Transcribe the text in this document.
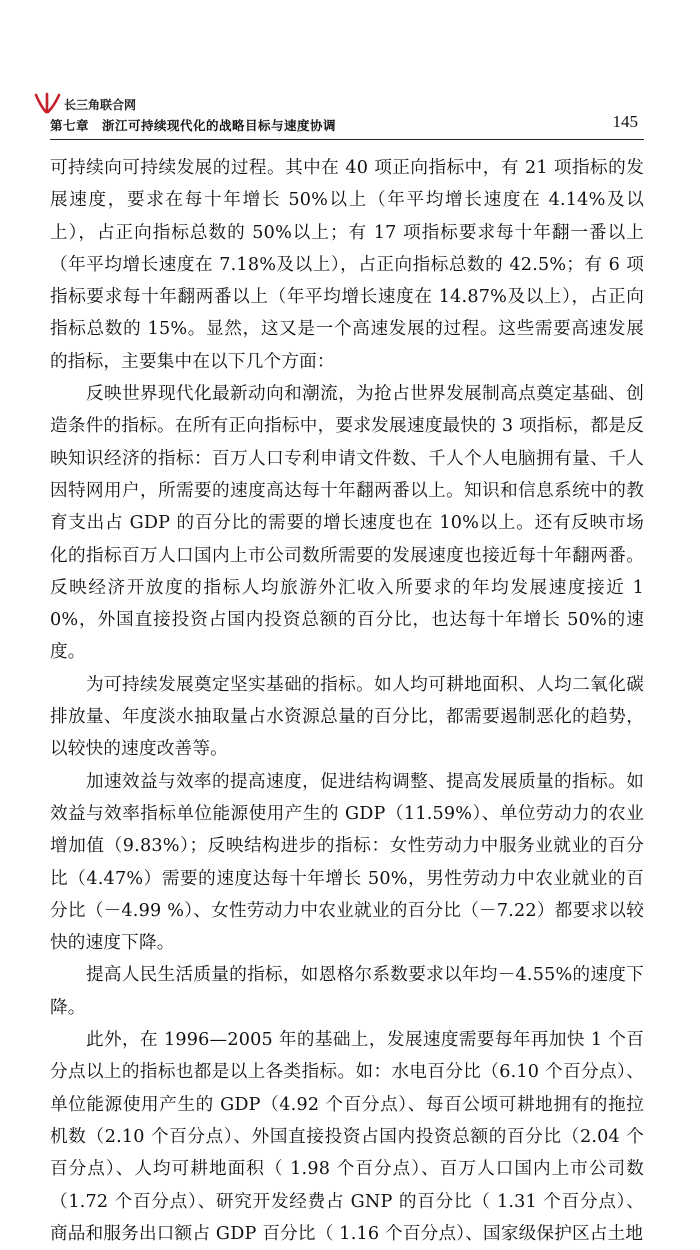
长三角联合网
第七章　浙江可持续现代化的战略目标与速度协调	145

可持续向可持续发展的过程。其中在 40 项正向指标中，有 21 项指标的发展速度，要求在每十年增长 50%以上（年平均增长速度在 4.14%及以上），占正向指标总数的 50%以上；有 17 项指标要求每十年翻一番以上（年平均增长速度在 7.18%及以上），占正向指标总数的 42.5%；有 6 项指标要求每十年翻两番以上（年平均增长速度在 14.87%及以上），占正向指标总数的 15%。显然，这又是一个高速发展的过程。这些需要高速发展的指标，主要集中在以下几个方面：

反映世界现代化最新动向和潮流，为抢占世界发展制高点奠定基础、创造条件的指标。在所有正向指标中，要求发展速度最快的 3 项指标，都是反映知识经济的指标：百万人口专利申请文件数、千人个人电脑拥有量、千人因特网用户，所需要的速度高达每十年翻两番以上。知识和信息系统中的教育支出占 GDP 的百分比的需要的增长速度也在 10%以上。还有反映市场化的指标百万人口国内上市公司数所需要的发展速度也接近每十年翻两番。反映经济开放度的指标人均旅游外汇收入所要求的年均发展速度接近 10%，外国直接投资占国内投资总额的百分比，也达每十年增长 50%的速度。

为可持续发展奠定坚实基础的指标。如人均可耕地面积、人均二氧化碳排放量、年度淡水抽取量占水资源总量的百分比，都需要遏制恶化的趋势，以较快的速度改善等。

加速效益与效率的提高速度，促进结构调整、提高发展质量的指标。如效益与效率指标单位能源使用产生的 GDP（11.59%）、单位劳动力的农业增加值（9.83%）；反映结构进步的指标：女性劳动力中服务业就业的百分比（4.47%）需要的速度达每十年增长 50%，男性劳动力中农业就业的百分比（－4.99 %）、女性劳动力中农业就业的百分比（－7.22）都要求以较快的速度下降。

提高人民生活质量的指标，如恩格尔系数要求以年均－4.55%的速度下降。

此外，在 1996—2005 年的基础上，发展速度需要每年再加快 1 个百分点以上的指标也都是以上各类指标。如：水电百分比（6.10 个百分点）、单位能源使用产生的 GDP（4.92 个百分点）、每百公顷可耕地拥有的拖拉机数（2.10 个百分点）、外国直接投资占国内投资总额的百分比（2.04 个百分点）、人均可耕地面积（ 1.98 个百分点）、百万人口国内上市公司数（1.72 个百分点）、研究开发经费占 GNP 的百分比（ 1.31 个百分点）、商品和服务出口额占 GDP 百分比（ 1.16 个百分点）、国家级保护区占土地
